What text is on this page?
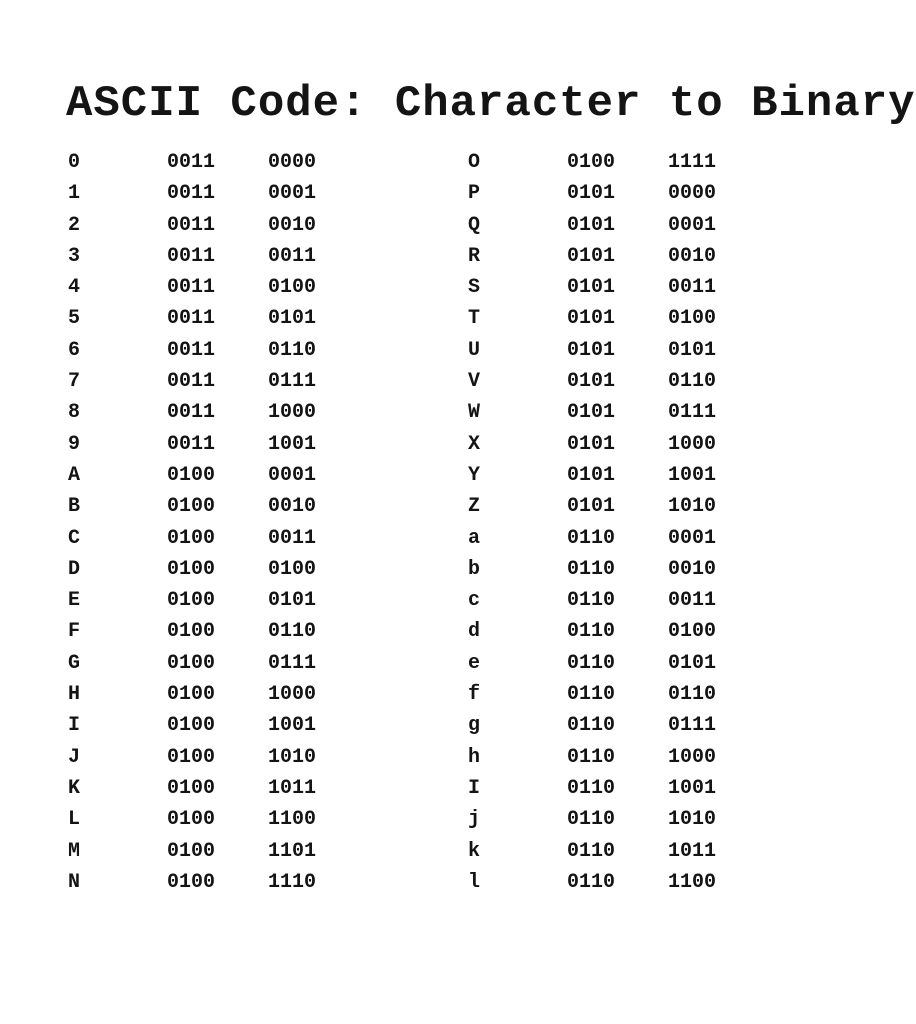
ASCII Code: Character to Binary
0	0011	0000	O	0100	1111
1	0011	0001	P	0101	0000
2	0011	0010	Q	0101	0001
3	0011	0011	R	0101	0010
4	0011	0100	S	0101	0011
5	0011	0101	T	0101	0100
6	0011	0110	U	0101	0101
7	0011	0111	V	0101	0110
8	0011	1000	W	0101	0111
9	0011	1001	X	0101	1000
A	0100	0001	Y	0101	1001
B	0100	0010	Z	0101	1010
C	0100	0011	a	0110	0001
D	0100	0100	b	0110	0010
E	0100	0101	c	0110	0011
F	0100	0110	d	0110	0100
G	0100	0111	e	0110	0101
H	0100	1000	f	0110	0110
I	0100	1001	g	0110	0111
J	0100	1010	h	0110	1000
K	0100	1011	I	0110	1001
L	0100	1100	j	0110	1010
M	0100	1101	k	0110	1011
N	0100	1110	l	0110	1100
